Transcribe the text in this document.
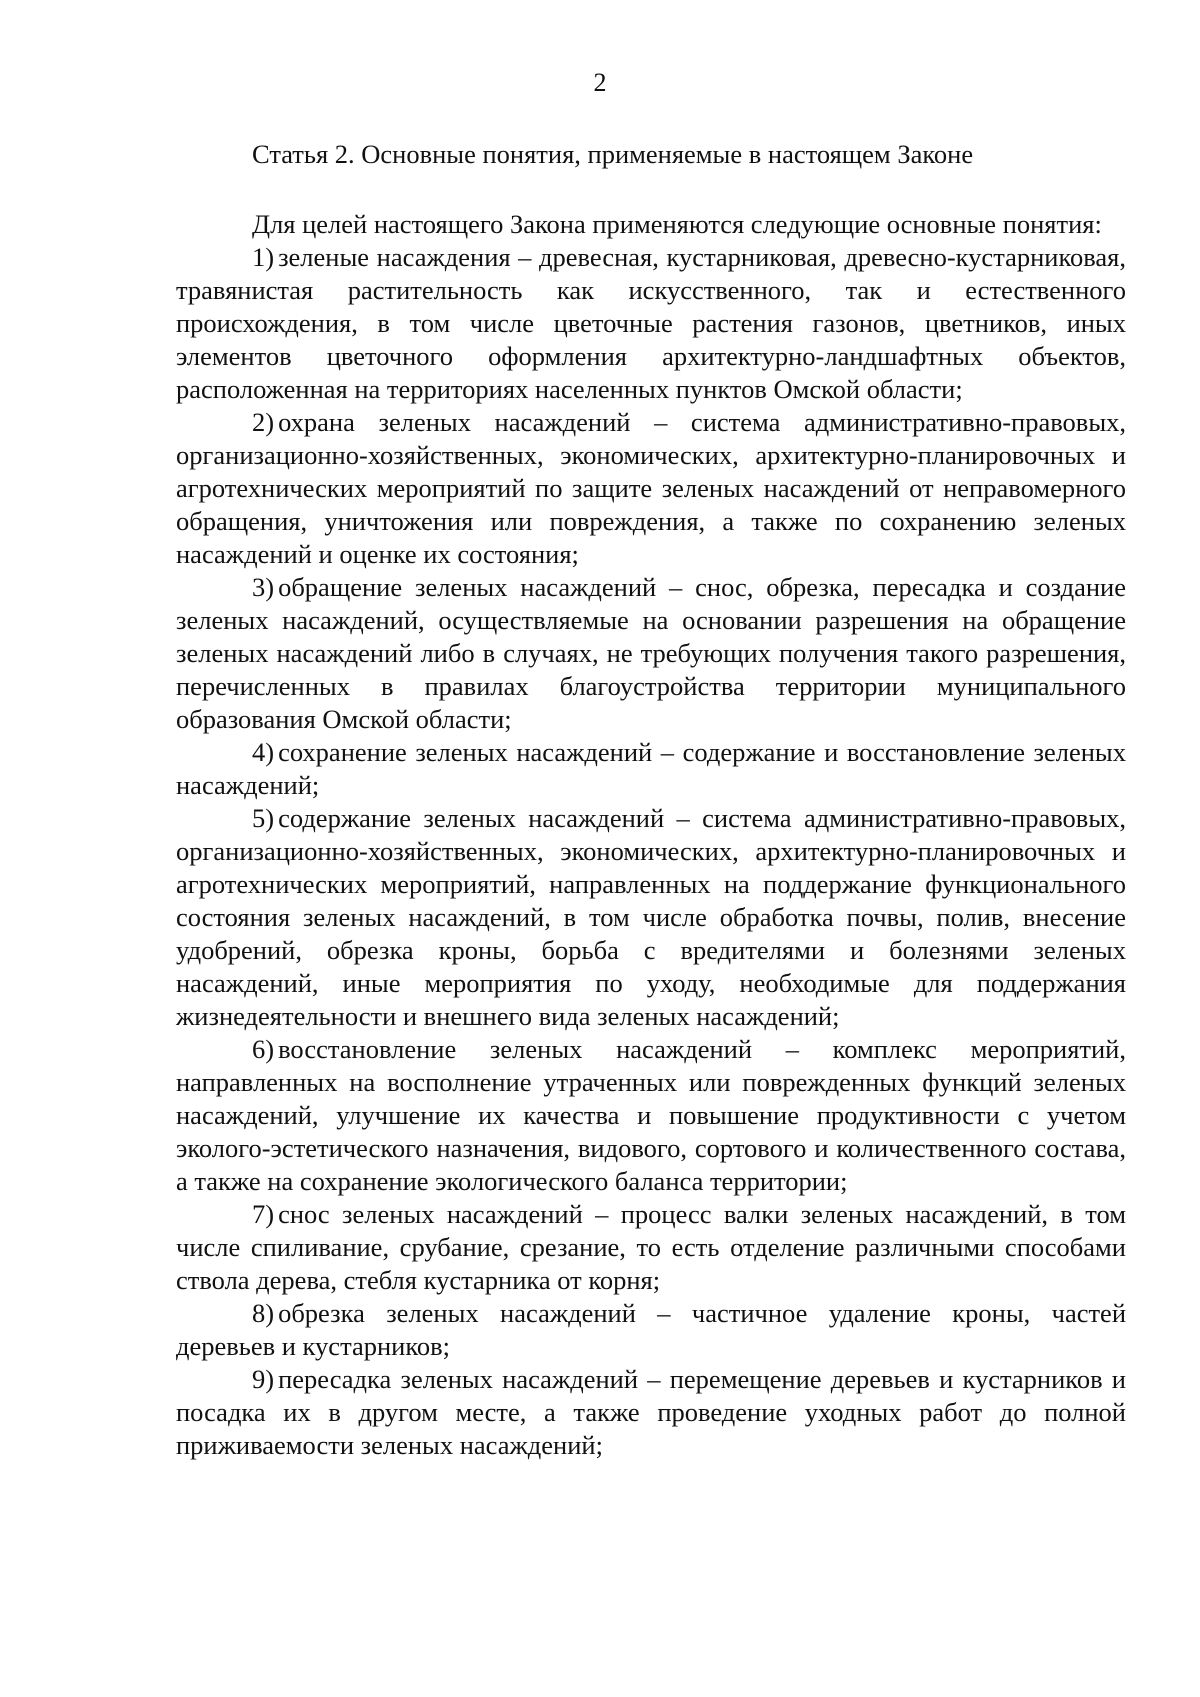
2
Статья 2. Основные понятия, применяемые в настоящем Законе

Для целей настоящего Закона применяются следующие основные понятия:

1) зеленые насаждения – древесная, кустарниковая, древесно-кустарниковая, травянистая растительность как искусственного, так и естественного происхождения, в том числе цветочные растения газонов, цветников, иных элементов цветочного оформления архитектурно-ландшафтных объектов, расположенная на территориях населенных пунктов Омской области;

2) охрана зеленых насаждений – система административно-правовых, организационно-хозяйственных, экономических, архитектурно-планировочных и агротехнических мероприятий по защите зеленых насаждений от неправомерного обращения, уничтожения или повреждения, а также по сохранению зеленых насаждений и оценке их состояния;

3) обращение зеленых насаждений – снос, обрезка, пересадка и создание зеленых насаждений, осуществляемые на основании разрешения на обращение зеленых насаждений либо в случаях, не требующих получения такого разрешения, перечисленных в правилах благоустройства территории муниципального образования Омской области;

4) сохранение зеленых насаждений – содержание и восстановление зеленых насаждений;

5) содержание зеленых насаждений – система административно-правовых, организационно-хозяйственных, экономических, архитектурно-планировочных и агротехнических мероприятий, направленных на поддержание функционального состояния зеленых насаждений, в том числе обработка почвы, полив, внесение удобрений, обрезка кроны, борьба с вредителями и болезнями зеленых насаждений, иные мероприятия по уходу, необходимые для поддержания жизнедеятельности и внешнего вида зеленых насаждений;

6) восстановление зеленых насаждений – комплекс мероприятий, направленных на восполнение утраченных или поврежденных функций зеленых насаждений, улучшение их качества и повышение продуктивности с учетом эколого-эстетического назначения, видового, сортового и количественного состава, а также на сохранение экологического баланса территории;

7) снос зеленых насаждений – процесс валки зеленых насаждений, в том числе спиливание, срубание, срезание, то есть отделение различными способами ствола дерева, стебля кустарника от корня;

8) обрезка зеленых насаждений – частичное удаление кроны, частей деревьев и кустарников;

9) пересадка зеленых насаждений – перемещение деревьев и кустарников и посадка их в другом месте, а также проведение уходных работ до полной приживаемости зеленых насаждений;
